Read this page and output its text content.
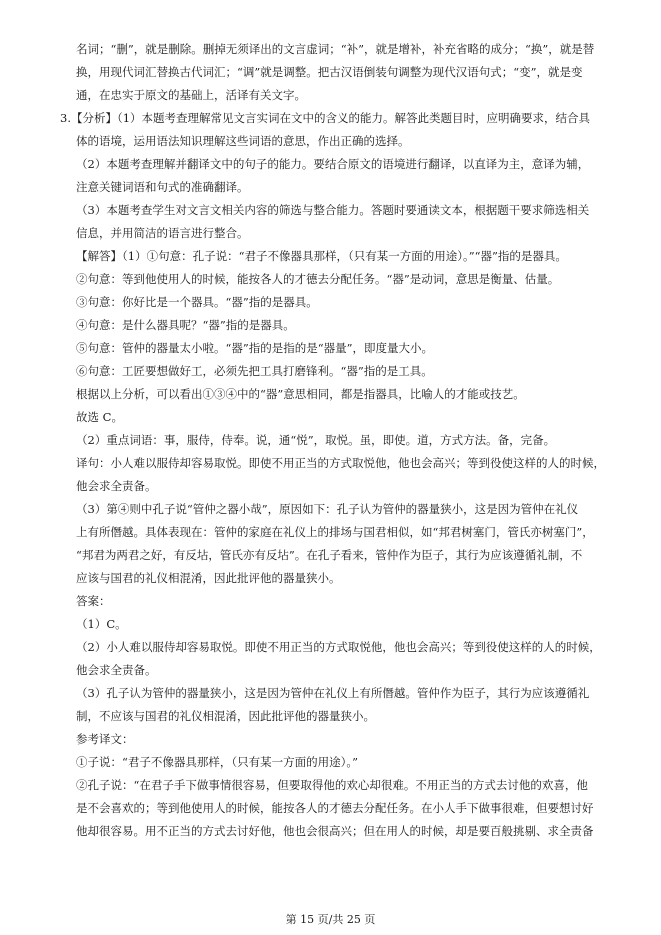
名词；“删”，就是删除。删掉无须译出的文言虚词；“补”，就是增补，补充省略的成分；“换”，就是替
换，用现代词汇替换古代词汇；“调”就是调整。把古汉语倒装句调整为现代汉语句式；“变”，就是变
通，在忠实于原文的基础上，活译有关文字。
3.【分析】（1）本题考查理解常见文言实词在文中的含义的能力。解答此类题目时，应明确要求，结合具
体的语境，运用语法知识理解这些词语的意思，作出正确的选择。
（2）本题考查理解并翻译文中的句子的能力。要结合原文的语境进行翻译，以直译为主，意译为辅，
注意关键词语和句式的准确翻译。
（3）本题考查学生对文言文相关内容的筛选与整合能力。答题时要通读文本，根据题干要求筛选相关
信息，并用简洁的语言进行整合。
【解答】（1）①句意：孔子说：“君子不像器具那样，（只有某一方面的用途）。”“器”指的是器具。
②句意：等到他使用人的时候，能按各人的才德去分配任务。“器”是动词，意思是衡量、估量。
③句意：你好比是一个器具。“器”指的是器具。
④句意：是什么器具呢？“器”指的是器具。
⑤句意：管仲的器量太小啦。“器”指的是指的是“器量”，即度量大小。
⑥句意：工匠要想做好工，必须先把工具打磨锋利。“器”指的是工具。
根据以上分析，可以看出①③④中的“器”意思相同，都是指器具，比喻人的才能或技艺。
故选 C。
（2）重点词语：事，服侍，侍奉。说，通“悦”，取悦。虽，即使。道，方式方法。备，完备。
译句：小人难以服侍却容易取悦。即使不用正当的方式取悦他，他也会高兴；等到役使这样的人的时候，
他会求全责备。
（3）第④则中孔子说“管仲之器小哉”，原因如下：孔子认为管仲的器量狭小，这是因为管仲在礼仪
上有所僭越。具体表现在：管仲的家庭在礼仪上的排场与国君相似，如“邦君树塞门，管氏亦树塞门”，
“邦君为两君之好，有反坫，管氏亦有反坫”。在孔子看来，管仲作为臣子，其行为应该遵循礼制，不
应该与国君的礼仪相混淆，因此批评他的器量狭小。
答案：
（1）C。
（2）小人难以服侍却容易取悦。即使不用正当的方式取悦他，他也会高兴；等到役使这样的人的时候，
他会求全责备。
（3）孔子认为管仲的器量狭小，这是因为管仲在礼仪上有所僭越。管仲作为臣子，其行为应该遵循礼
制，不应该与国君的礼仪相混淆，因此批评他的器量狭小。
参考译文：
①子说：“君子不像器具那样，（只有某一方面的用途）。”
②孔子说：“在君子手下做事情很容易，但要取得他的欢心却很难。不用正当的方式去讨他的欢喜，他
是不会喜欢的；等到他使用人的时候，能按各人的才德去分配任务。在小人手下做事很难，但要想讨好
他却很容易。用不正当的方式去讨好他，他也会很高兴；但在用人的时候，却是要百般挑剔、求全责备
第 15 页/共 25 页
